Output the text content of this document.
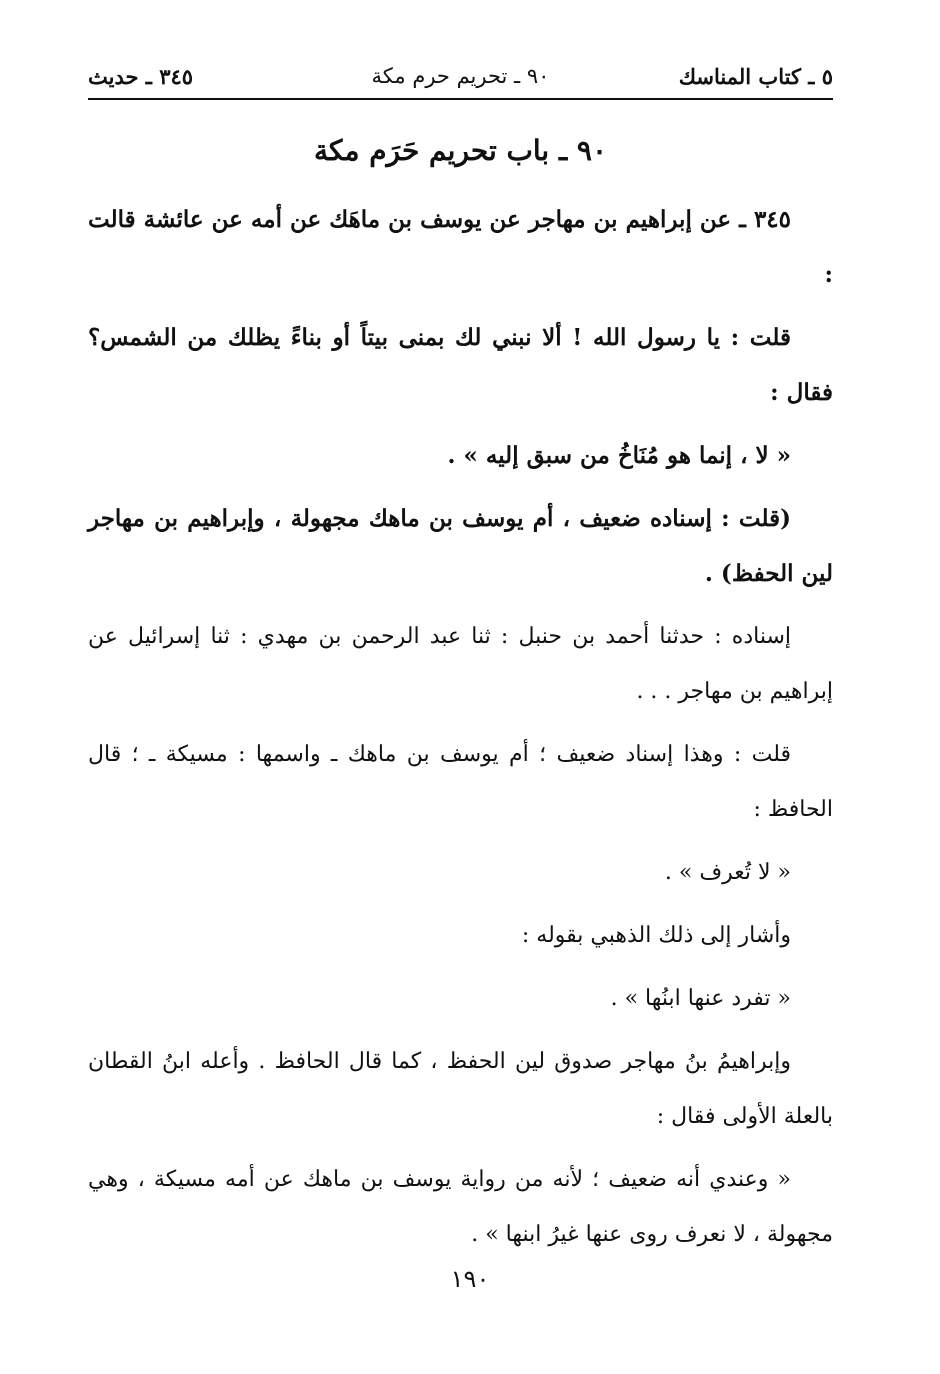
٥ ـ كتاب المناسك
٩٠ ـ تحريم حرم مكة
٣٤٥ ـ حديث
٩٠ ـ باب تحريم حَرَم مكة

٣٤٥ ـ عن إبراهيم بن مهاجر عن يوسف بن ماهَك عن أمه عن عائشة قالت :

قلت : يا رسول الله ! ألا نبني لك بمنى بيتاً أو بناءً يظلك من الشمس؟ فقال :

« لا ، إنما هو مُنَاخُ من سبق إليه » .

(قلت : إسناده ضعيف ، أم يوسف بن ماهك مجهولة ، وإبراهيم بن مهاجر لين الحفظ) .

إسناده : حدثنا أحمد بن حنبل : ثنا عبد الرحمن بن مهدي : ثنا إسرائيل عن إبراهيم بن مهاجر . . .

قلت : وهذا إسناد ضعيف ؛ أم يوسف بن ماهك ـ واسمها : مسيكة ـ ؛ قال الحافظ :

« لا تُعرف » .

وأشار إلى ذلك الذهبي بقوله :

« تفرد عنها ابنُها » .

وإبراهيمُ بنُ مهاجر صدوق لين الحفظ ، كما قال الحافظ . وأعله ابنُ القطان بالعلة الأولى فقال :

« وعندي أنه ضعيف ؛ لأنه من رواية يوسف بن ماهك عن أمه مسيكة ، وهي مجهولة ، لا نعرف روى عنها غيرُ ابنها » .

١٩٠
